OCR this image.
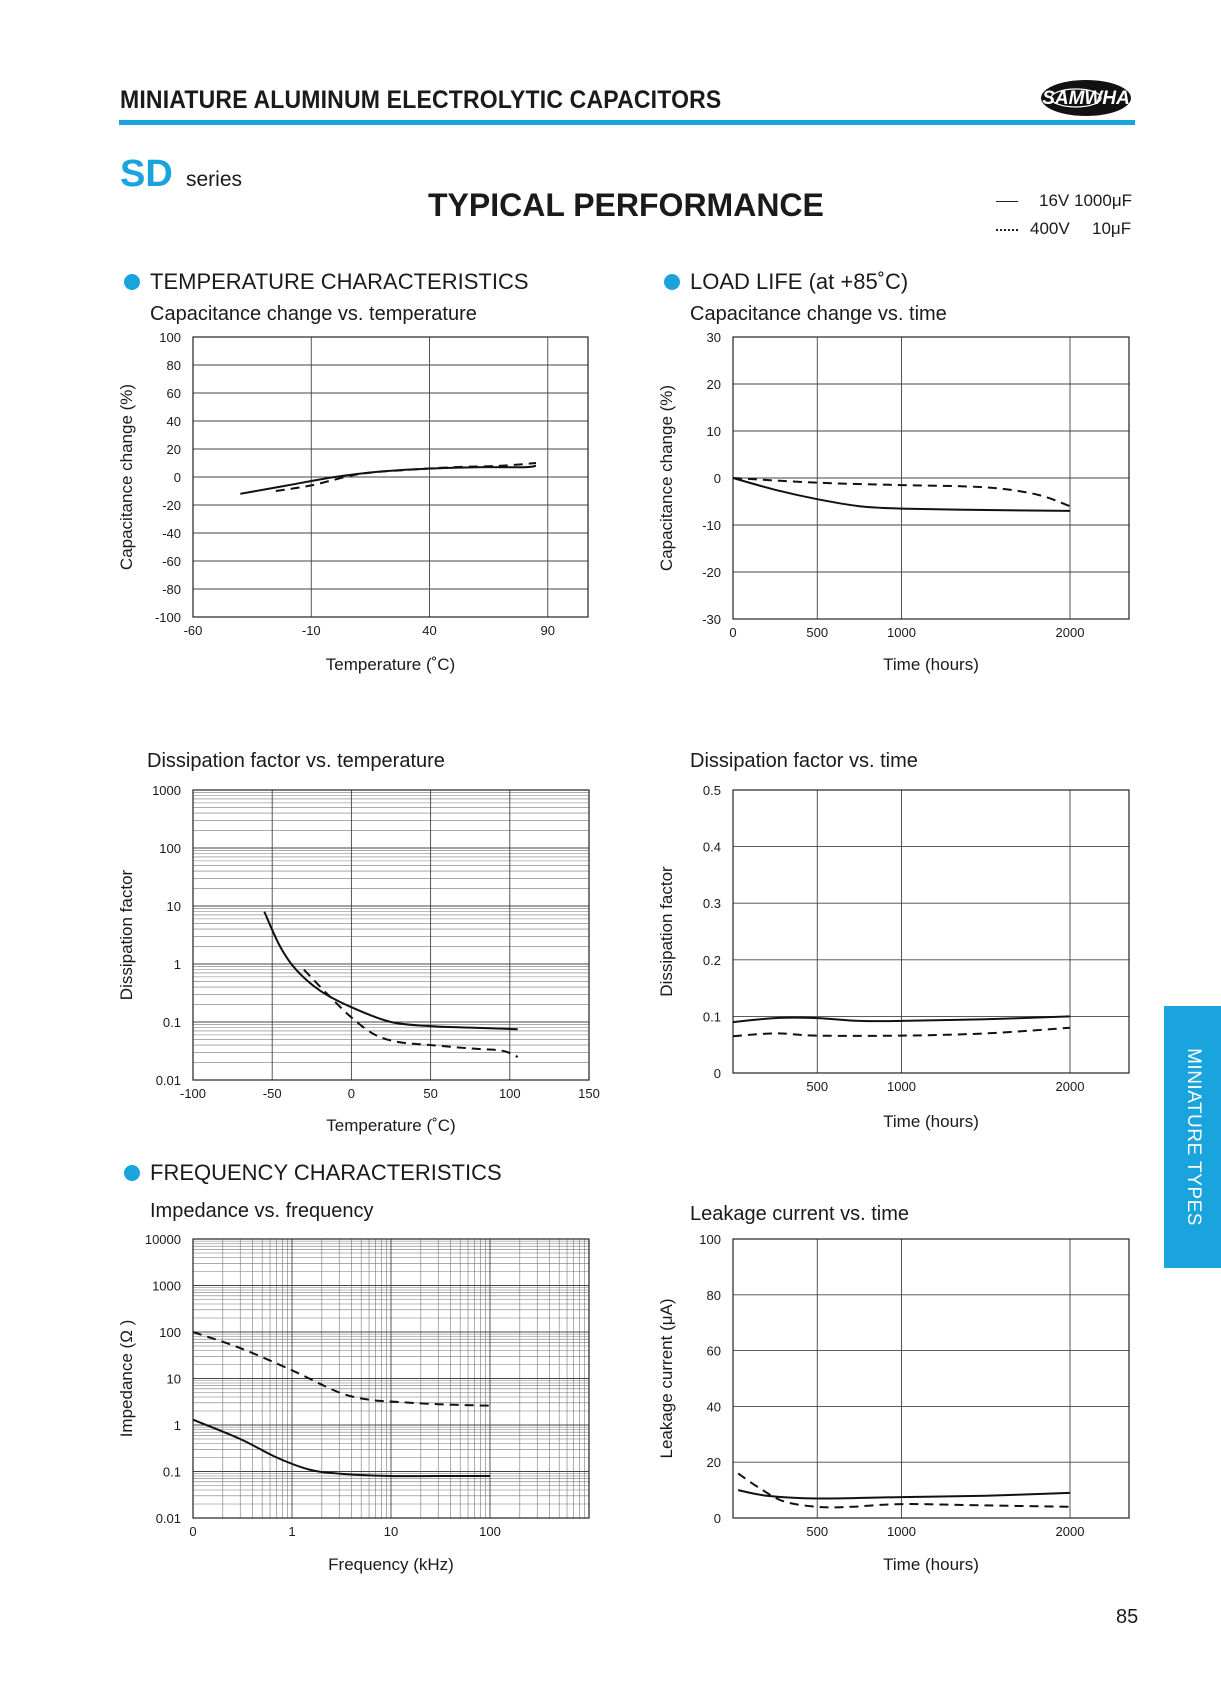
MINIATURE ALUMINUM ELECTROLYTIC CAPACITORS	SAMWHA
SD series
TYPICAL PERFORMANCE	16V 1000μF
400V 10μF
TEMPERATURE CHARACTERISTICS	LOAD LIFE (at +85˚C)
FREQUENCY CHARACTERISTICS
Capacitance change vs. temperature	Capacitance change vs. time
Dissipation factor vs. temperature	Dissipation factor vs. time
Impedance vs. frequency	Leakage current vs. time
100
80
60
40
20
0
-20
-40
-60
-80
-100
-60	-10	40	90
Temperature (˚C)
Capacitance change (%)
30
20
10
0
-10
-20
-30
0	500	1000	2000
Time (hours)
Capacitance change (%)
1000
100
10
1
0.1
0.01
-100	-50	0	50	100	150
Temperature (˚C)
Dissipation factor
0.5
0.4
0.3
0.2
0.1
0
500	1000	2000
Time (hours)
Dissipation factor
10000
1000
100
10
1
0.1
0.01
0	1	10	100
Frequency (kHz)
Impedance (Ω )
100
80
60
40
20
0
500	1000	2000
Time (hours)
Leakage current (μA)
MINIATURE TYPES
85
